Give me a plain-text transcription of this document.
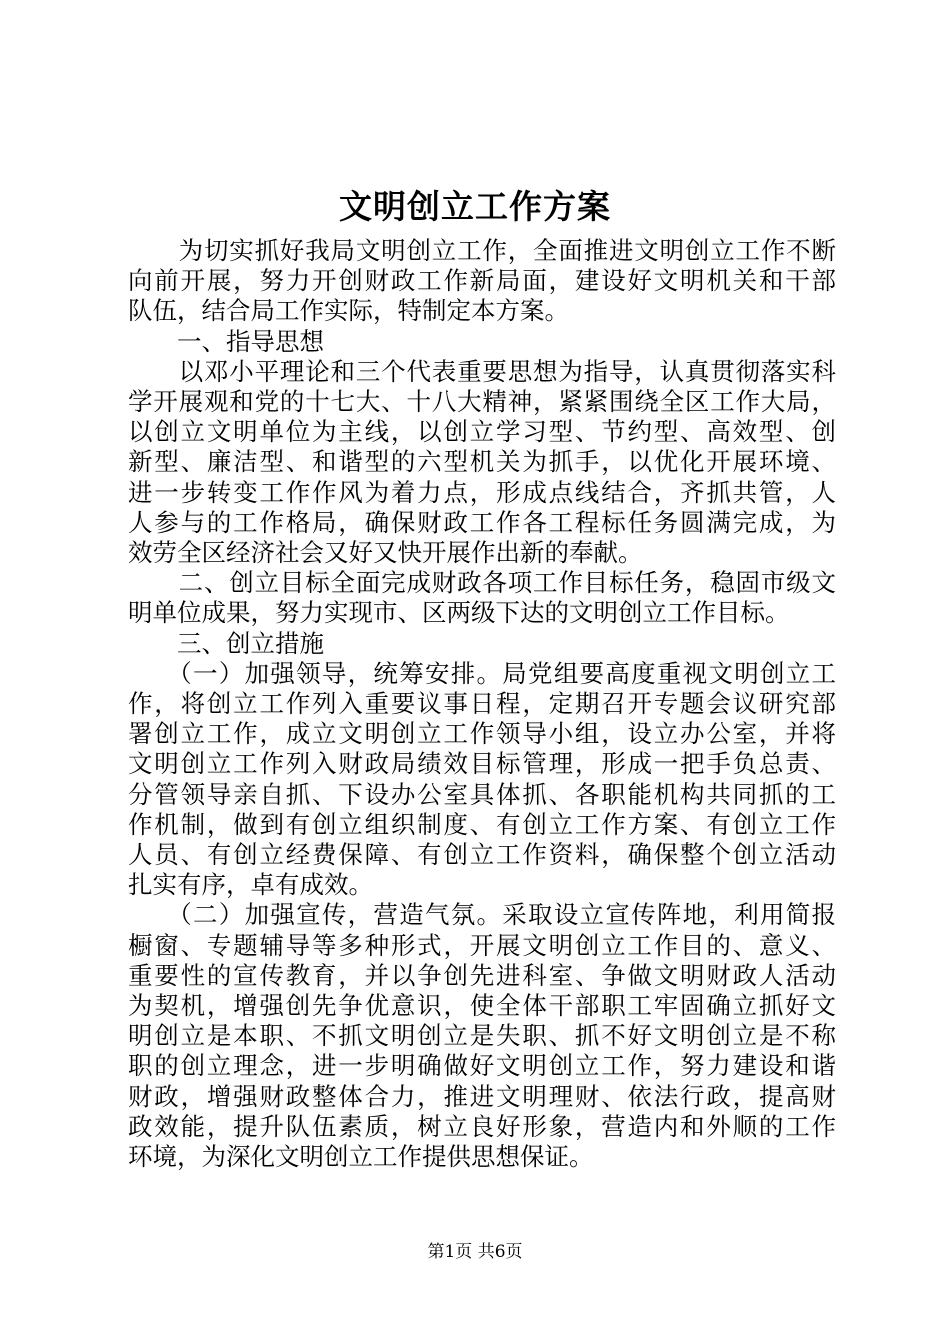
文明创立工作方案
　　为切实抓好我局文明创立工作，全面推进文明创立工作不断
向前开展，努力开创财政工作新局面，建设好文明机关和干部
队伍，结合局工作实际，特制定本方案。
　　一、指导思想
　　以邓小平理论和三个代表重要思想为指导，认真贯彻落实科
学开展观和党的十七大、十八大精神，紧紧围绕全区工作大局，
以创立文明单位为主线，以创立学习型、节约型、高效型、创
新型、廉洁型、和谐型的六型机关为抓手，以优化开展环境、
进一步转变工作作风为着力点，形成点线结合，齐抓共管，人
人参与的工作格局，确保财政工作各工程标任务圆满完成，为
效劳全区经济社会又好又快开展作出新的奉献。
　　二、创立目标全面完成财政各项工作目标任务，稳固市级文
明单位成果，努力实现市、区两级下达的文明创立工作目标。
　　三、创立措施
　　（一）加强领导，统筹安排。局党组要高度重视文明创立工
作，将创立工作列入重要议事日程，定期召开专题会议研究部
署创立工作，成立文明创立工作领导小组，设立办公室，并将
文明创立工作列入财政局绩效目标管理，形成一把手负总责、
分管领导亲自抓、下设办公室具体抓、各职能机构共同抓的工
作机制，做到有创立组织制度、有创立工作方案、有创立工作
人员、有创立经费保障、有创立工作资料，确保整个创立活动
扎实有序，卓有成效。
　　（二）加强宣传，营造气氛。采取设立宣传阵地，利用简报
橱窗、专题辅导等多种形式，开展文明创立工作目的、意义、
重要性的宣传教育，并以争创先进科室、争做文明财政人活动
为契机，增强创先争优意识，使全体干部职工牢固确立抓好文
明创立是本职、不抓文明创立是失职、抓不好文明创立是不称
职的创立理念，进一步明确做好文明创立工作，努力建设和谐
财政，增强财政整体合力，推进文明理财、依法行政，提高财
政效能，提升队伍素质，树立良好形象，营造内和外顺的工作
环境，为深化文明创立工作提供思想保证。
第1页 共6页
